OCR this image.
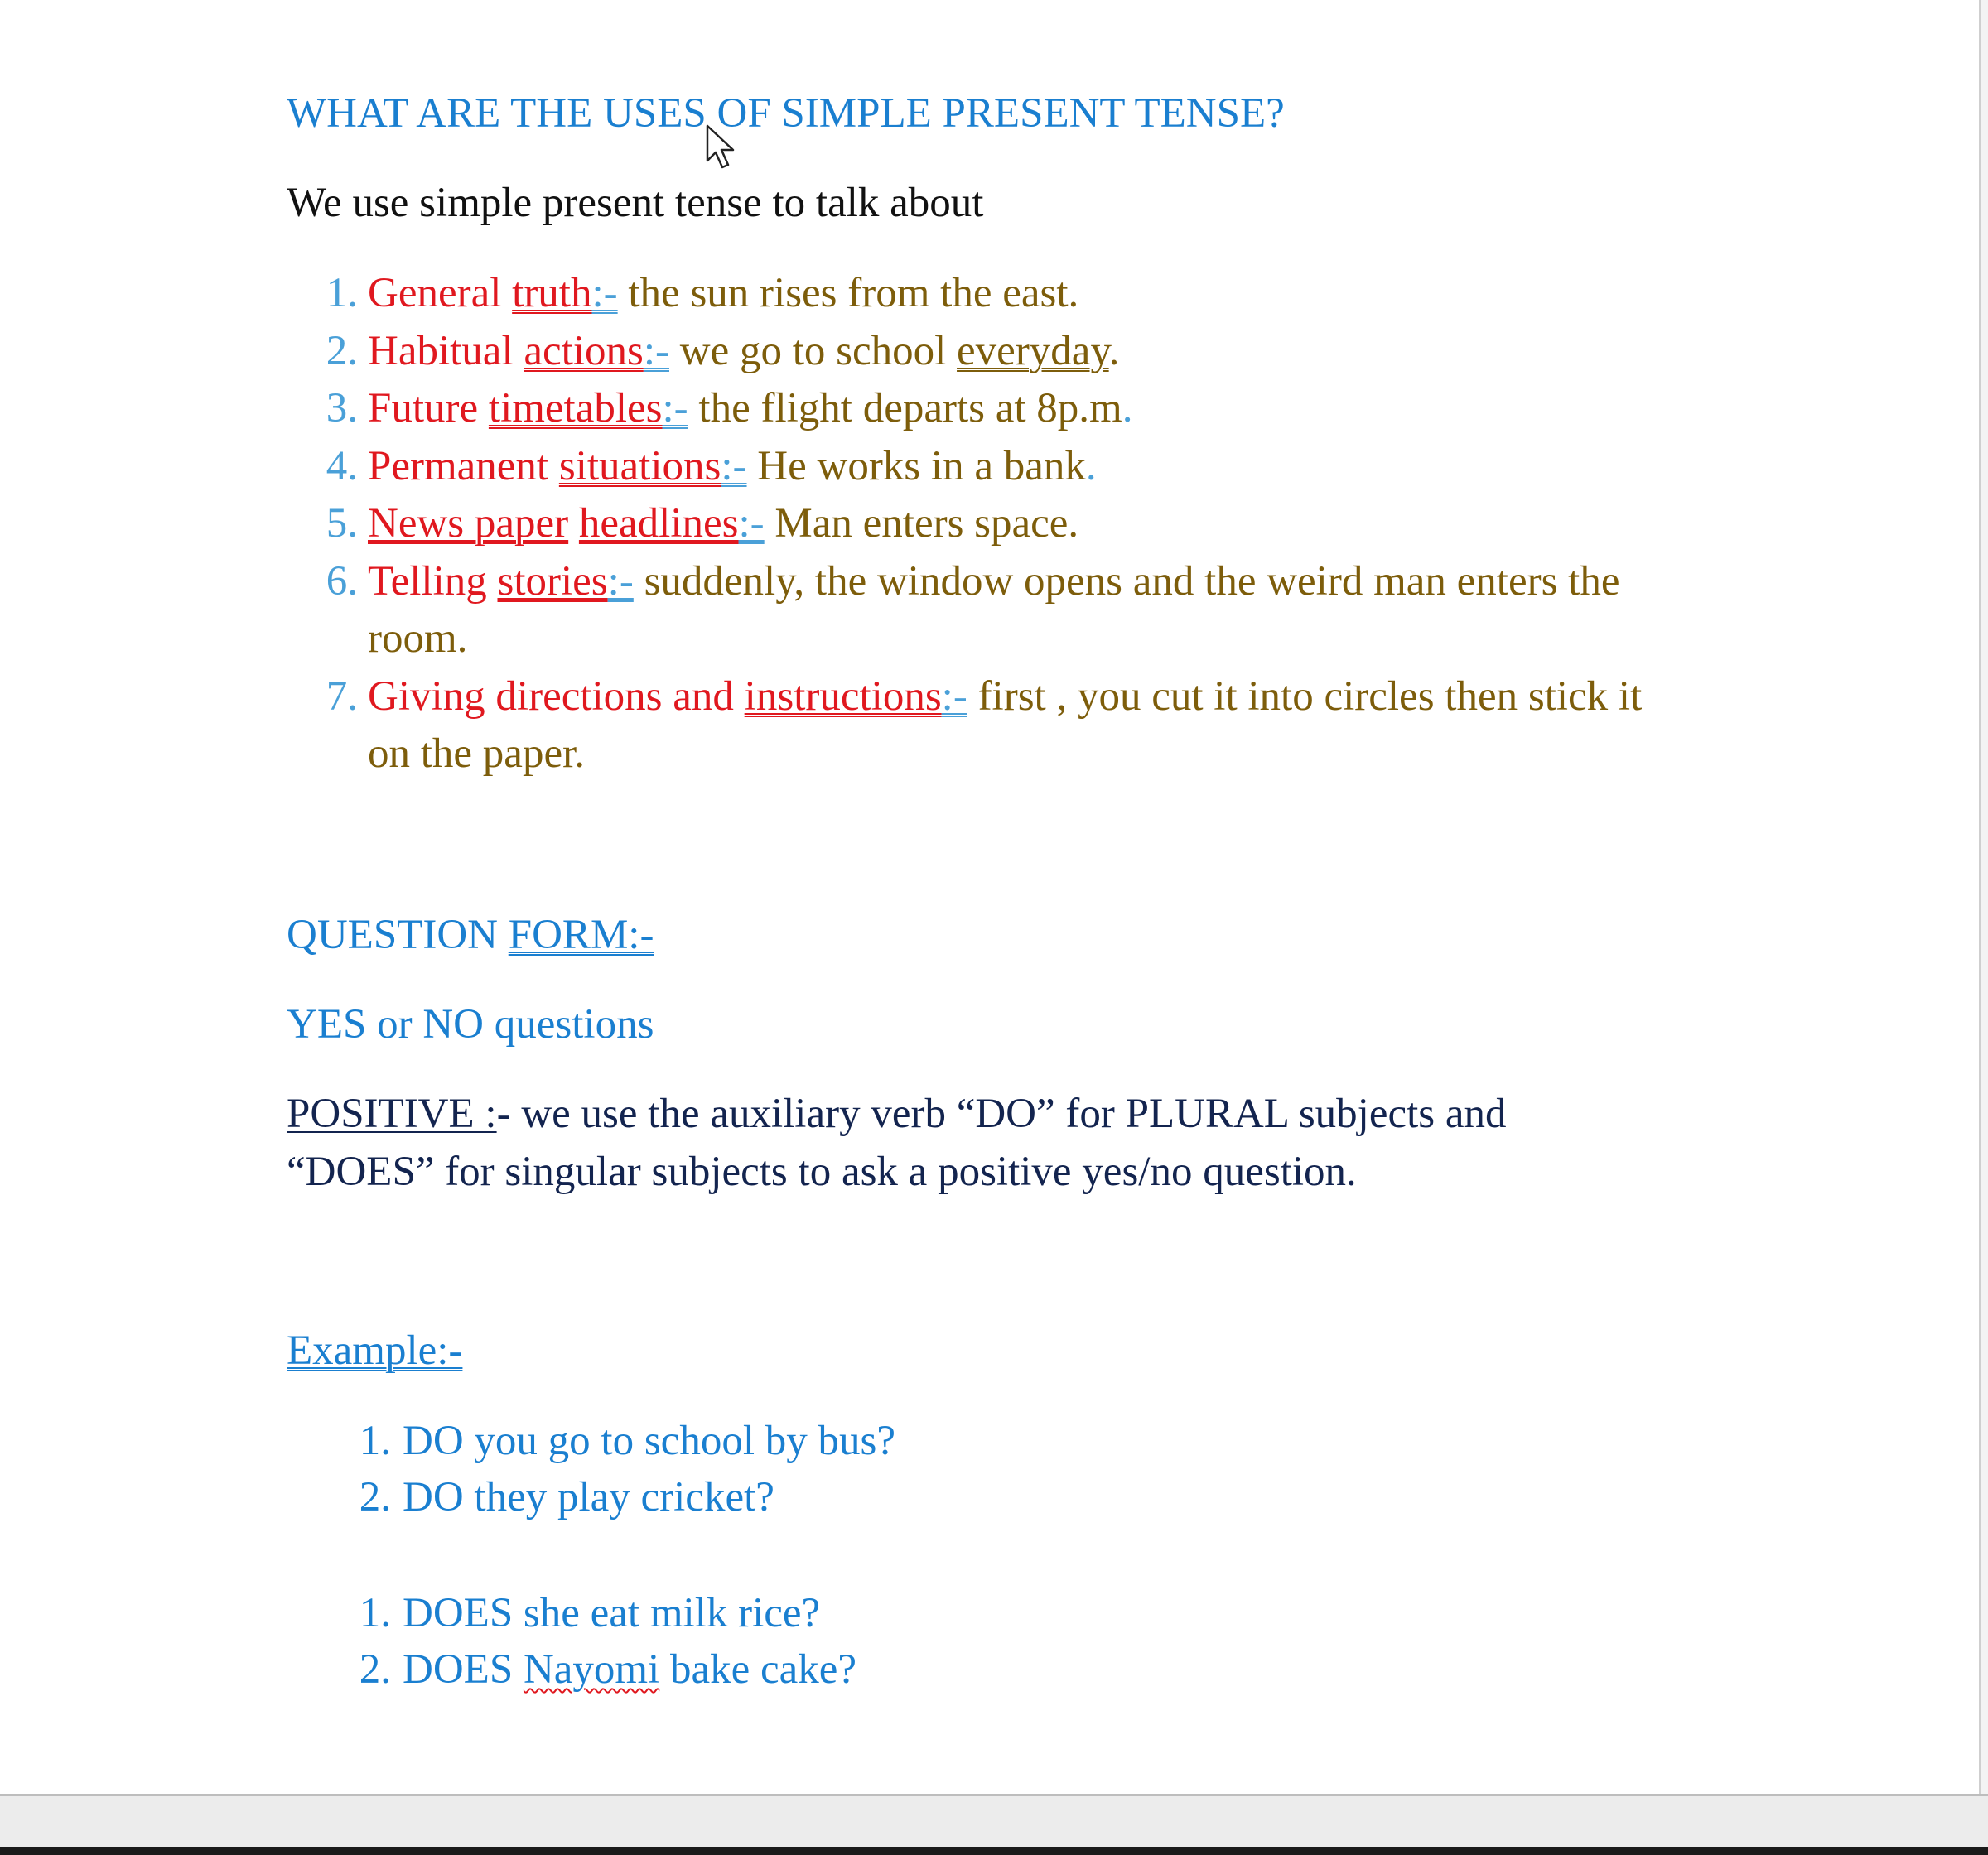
WHAT ARE THE USES OF SIMPLE PRESENT TENSE?

We use simple present tense to talk about

1 . General truth:- the sun rises from the east.
2 . Habitual actions:- we go to school everyday.
3 . Future timetables:- the flight departs at 8p.m.
4 . Permanent situations:- He works in a bank.
5 . News paper headlines:- Man enters space.
6 . Telling stories:- suddenly, the window opens and the weird man enters the room.
7 . Giving directions and instructions:- first , you cut it into circles then stick it on the paper.

QUESTION FORM:-

YES or NO questions

POSITIVE :- we use the auxiliary verb “DO” for PLURAL subjects and

“DOES” for singular subjects to ask a positive yes/no question.

Example:-

1 . DO you go to school by bus?
2 . DO they play cricket?
1 . DOES she eat milk rice?
2 . DOES Nayomi bake cake?
